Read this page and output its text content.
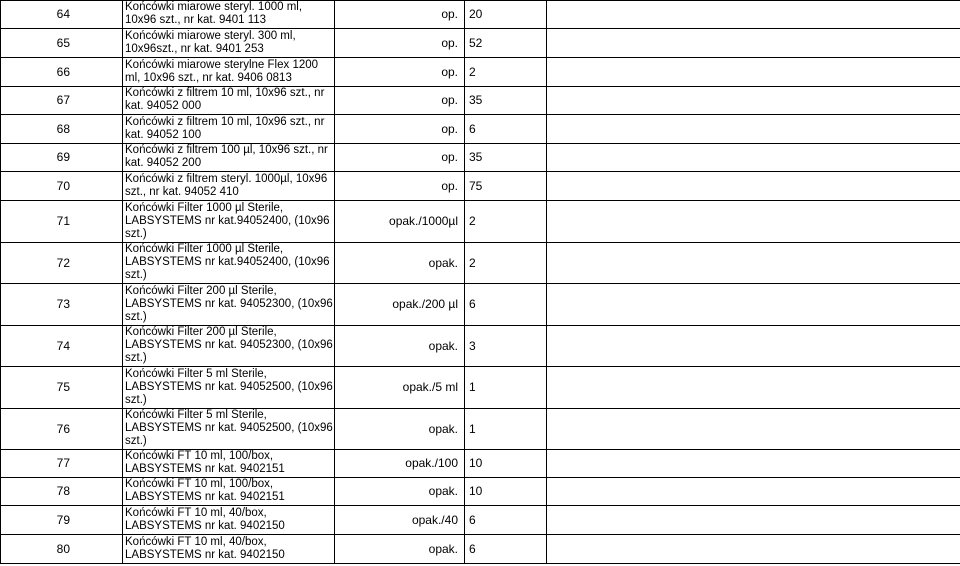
64	Końcówki miarowe steryl. 1000 ml, 10x96 szt., nr kat. 9401 113	op.	20	
65	Końcówki miarowe steryl. 300 ml, 10x96szt., nr kat. 9401 253	op.	52	
66	Końcówki miarowe sterylne Flex 1200 ml, 10x96 szt., nr kat. 9406 0813	op.	2	
67	Końcówki z filtrem 10 ml, 10x96 szt., nr kat. 94052 000	op.	35	
68	Końcówki z filtrem 10 ml, 10x96 szt., nr kat. 94052 100	op.	6	
69	Końcówki z filtrem 100 µl, 10x96 szt., nr kat. 94052 200	op.	35	
70	Końcówki z filtrem steryl. 1000µl, 10x96 szt., nr kat. 94052 410	op.	75	
71	Końcówki Filter 1000 µl Sterile, LABSYSTEMS nr kat.94052400, (10x96 szt.)	opak./1000µl	2	
72	Końcówki Filter 1000 µl Sterile, LABSYSTEMS nr kat.94052400, (10x96 szt.)	opak.	2	
73	Końcówki Filter 200 µl Sterile, LABSYSTEMS nr kat. 94052300, (10x96 szt.)	opak./200 µl	6	
74	Końcówki Filter 200 µl Sterile, LABSYSTEMS nr kat. 94052300, (10x96 szt.)	opak.	3	
75	Końcówki Filter 5 ml Sterile, LABSYSTEMS nr kat. 94052500, (10x96 szt.)	opak./5 ml	1	
76	Końcówki Filter 5 ml Sterile, LABSYSTEMS nr kat. 94052500, (10x96 szt.)	opak.	1	
77	Końcówki FT 10 ml, 100/box, LABSYSTEMS nr kat. 9402151	opak./100	10	
78	Końcówki FT 10 ml, 100/box, LABSYSTEMS nr kat. 9402151	opak.	10	
79	Końcówki FT 10 ml, 40/box, LABSYSTEMS nr kat. 9402150	opak./40	6	
80	Końcówki FT 10 ml, 40/box, LABSYSTEMS nr kat. 9402150	opak.	6	
